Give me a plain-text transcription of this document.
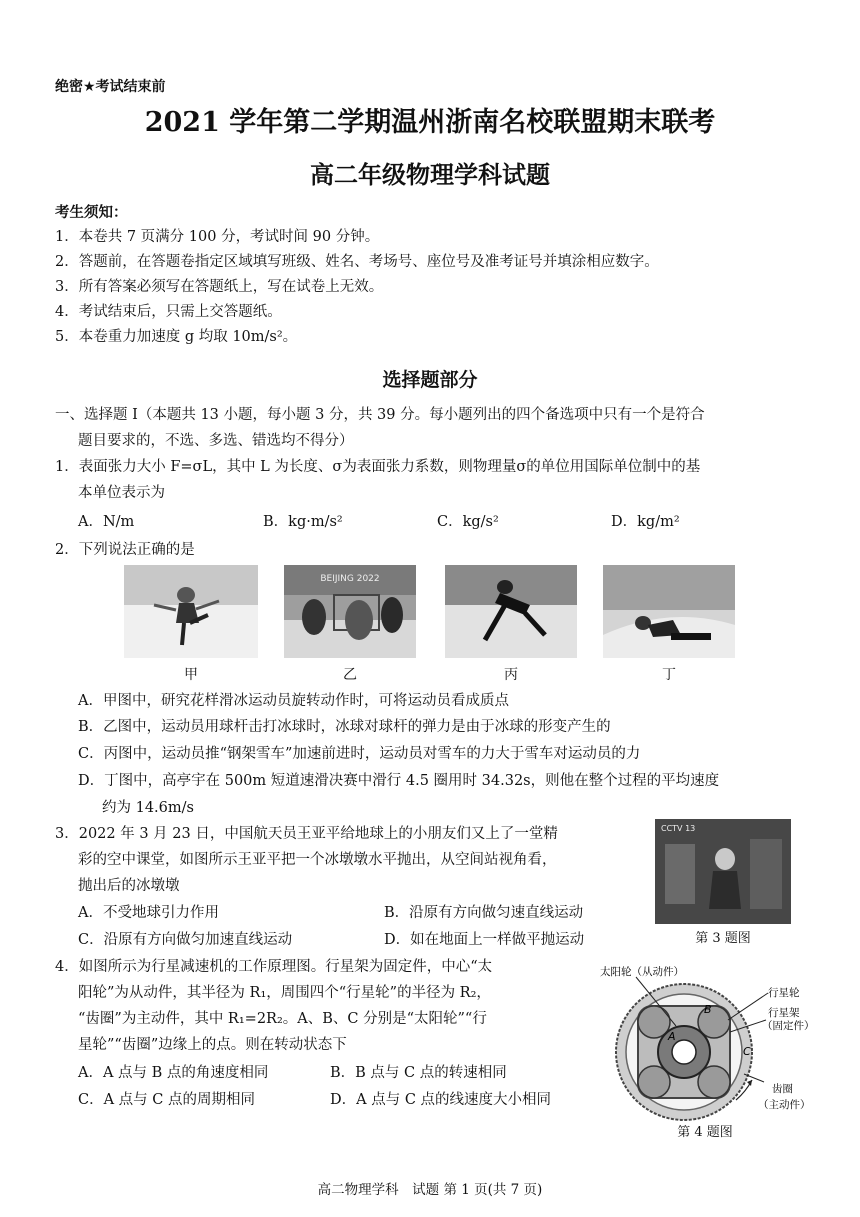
绝密★考试结束前
2021 学年第二学期温州浙南名校联盟期末联考
高二年级物理学科试题
考生须知：
1．本卷共 7 页满分 100 分，考试时间 90 分钟。
2．答题前，在答题卷指定区域填写班级、姓名、考场号、座位号及准考证号并填涂相应数字。
3．所有答案必须写在答题纸上，写在试卷上无效。
4．考试结束后，只需上交答题纸。
5．本卷重力加速度 g 均取 10m/s²。
选择题部分
一、选择题 I（本题共 13 小题，每小题 3 分，共 39 分。每小题列出的四个备选项中只有一个是符合
题目要求的，不选、多选、错选均不得分）
1．表面张力大小 F=σL，其中 L 为长度、σ为表面张力系数，则物理量σ的单位用国际单位制中的基
本单位表示为
A．N/m	B．kg·m/s²	C．kg/s²	D．kg/m²
2．下列说法正确的是
BEIJING 2022
甲	乙	丙	丁
A．甲图中，研究花样滑冰运动员旋转动作时，可将运动员看成质点
B．乙图中，运动员用球杆击打冰球时，冰球对球杆的弹力是由于冰球的形变产生的
C．丙图中，运动员推“钢架雪车”加速前进时，运动员对雪车的力大于雪车对运动员的力
D．丁图中，高亭宇在 500m 短道速滑决赛中滑行 4.5 圈用时 34.32s，则他在整个过程的平均速度
约为 14.6m/s
3．2022 年 3 月 23 日，中国航天员王亚平给地球上的小朋友们又上了一堂精
彩的空中课堂，如图所示王亚平把一个冰墩墩水平抛出，从空间站视角看，
抛出后的冰墩墩
A．不受地球引力作用	B．沿原有方向做匀速直线运动
C．沿原有方向做匀加速直线运动	D．如在地面上一样做平抛运动
CCTV 13
第 3 题图
4．如图所示为行星减速机的工作原理图。行星架为固定件，中心“太
阳轮”为从动件，其半径为 R₁，周围四个“行星轮”的半径为 R₂，
“齿圈”为主动件，其中 R₁=2R₂。A、B、C 分别是“太阳轮”“行
星轮”“齿圈”边缘上的点。则在转动状态下
A．A 点与 B 点的角速度相同	B．B 点与 C 点的转速相同
C．A 点与 C 点的周期相同	D．A 点与 C 点的线速度大小相同
A
B
C
太阳轮（从动件）
行星轮
行星架
（固定件）
齿圈
（主动件）
第 4 题图
高二物理学科　试题 第 1 页(共 7 页)
